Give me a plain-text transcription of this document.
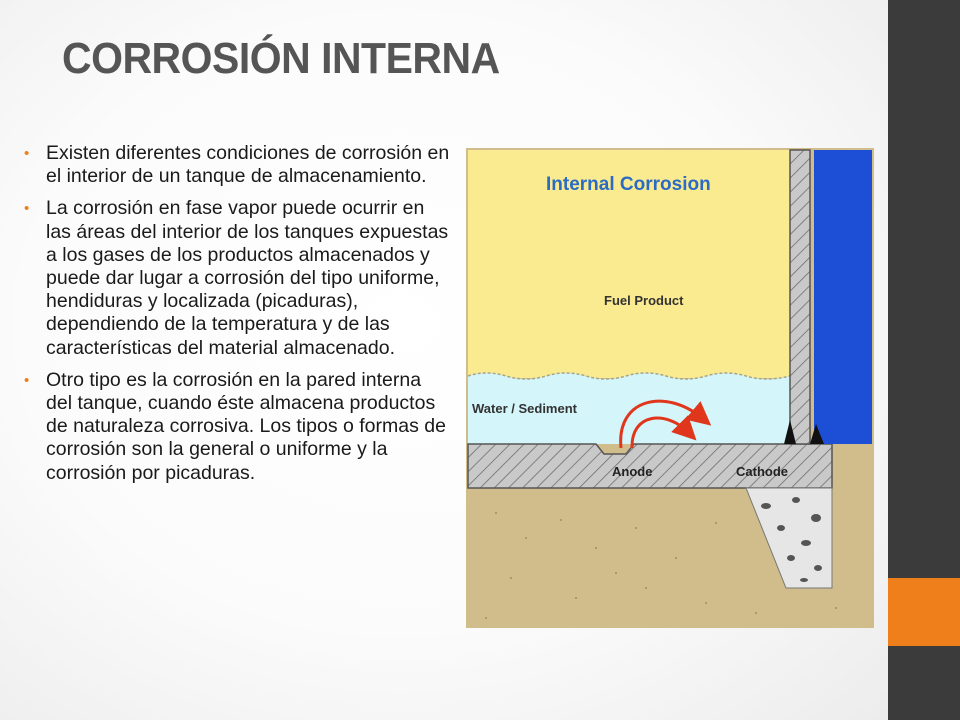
CORROSIÓN INTERNA
• Existen diferentes condiciones de corrosión en el interior de un tanque de almacenamiento.
• La corrosión en fase vapor puede ocurrir en las áreas del interior de los tanques expuestas a los gases de los productos almacenados y puede dar lugar a corrosión del tipo uniforme, hendiduras y localizada (picaduras), dependiendo de la temperatura y de las características del material almacenado.
• Otro tipo es la corrosión en la pared interna del tanque, cuando éste almacena productos de naturaleza corrosiva. Los tipos o formas de corrosión son la general o uniforme y la corrosión por picaduras.
Internal Corrosion
Fuel Product
Water / Sediment
Anode	Cathode
